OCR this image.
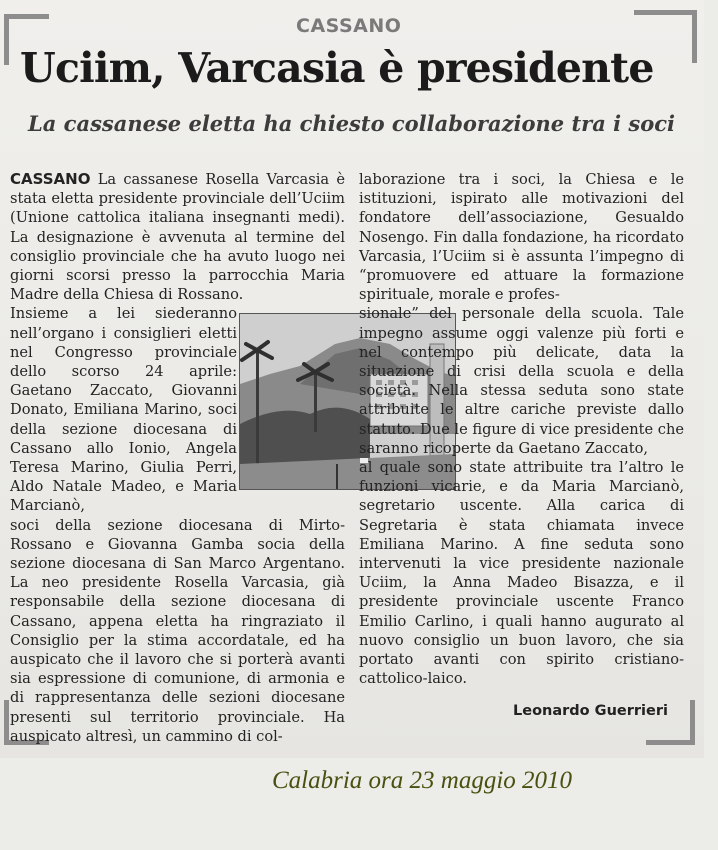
CASSANO
Uciim, Varcasia è presidente
La cassanese eletta ha chiesto collaborazione tra i soci

CASSANO La cassanese Rosella Varcasia è stata eletta presidente provinciale dell’Uciim (Unione cattolica italiana insegnanti medi). La designazione è avvenuta al termine del consiglio provinciale che ha avuto luogo nei giorni scorsi presso la parrocchia Maria Madre della Chiesa di Rossano.

Insieme a lei siederanno nell’organo i consiglieri eletti nel Congresso provinciale dello scorso 24 aprile: Gaetano Zaccato, Giovanni Donato, Emiliana Marino, soci della sezione diocesana di Cassano allo Ionio, Angela Teresa Marino, Giulia Perri, Aldo Natale Madeo, e Maria Marcianò,

soci della sezione diocesana di Mirto-Rossano e Giovanna Gamba socia della sezione diocesana di San Marco Argentano. La neo presidente Rosella Varcasia, già responsabile della sezione diocesana di Cassano, appena eletta ha ringraziato il Consiglio per la stima accordatale, ed ha auspicato che il lavoro che si porterà avanti sia espressione di comunione, di armonia e di rappresentanza delle sezioni diocesane presenti sul territorio provinciale. Ha auspicato altresì, un cammino di col-

laborazione tra i soci, la Chiesa e le istituzioni, ispirato alle motivazioni del fondatore dell’associazione, Gesualdo Nosengo. Fin dalla fondazione, ha ricordato Varcasia, l’Uciim si è assunta l’impegno di “promuovere ed attuare la formazione spirituale, morale e profes-

sionale” del personale della scuola. Tale impegno assume oggi valenze più forti e nel contempo più delicate, data la situazione di crisi della scuola e della società. Nella stessa seduta sono state attribuite le altre cariche previste dallo statuto. Due le figure di vice presidente che saranno ricoperte da Gaetano Zaccato,

al quale sono state attribuite tra l’altro le funzioni vicarie, e da Maria Marcianò, segretario uscente. Alla carica di Segretaria è stata chiamata invece Emiliana Marino. A fine seduta sono intervenuti la vice presidente nazionale Uciim, la Anna Madeo Bisazza, e il presidente provinciale uscente Franco Emilio Carlino, i quali hanno augurato al nuovo consiglio un buon lavoro, che sia portato avanti con spirito cristiano- cattolico-laico.

Leonardo Guerrieri
Calabria ora 23 maggio 2010
